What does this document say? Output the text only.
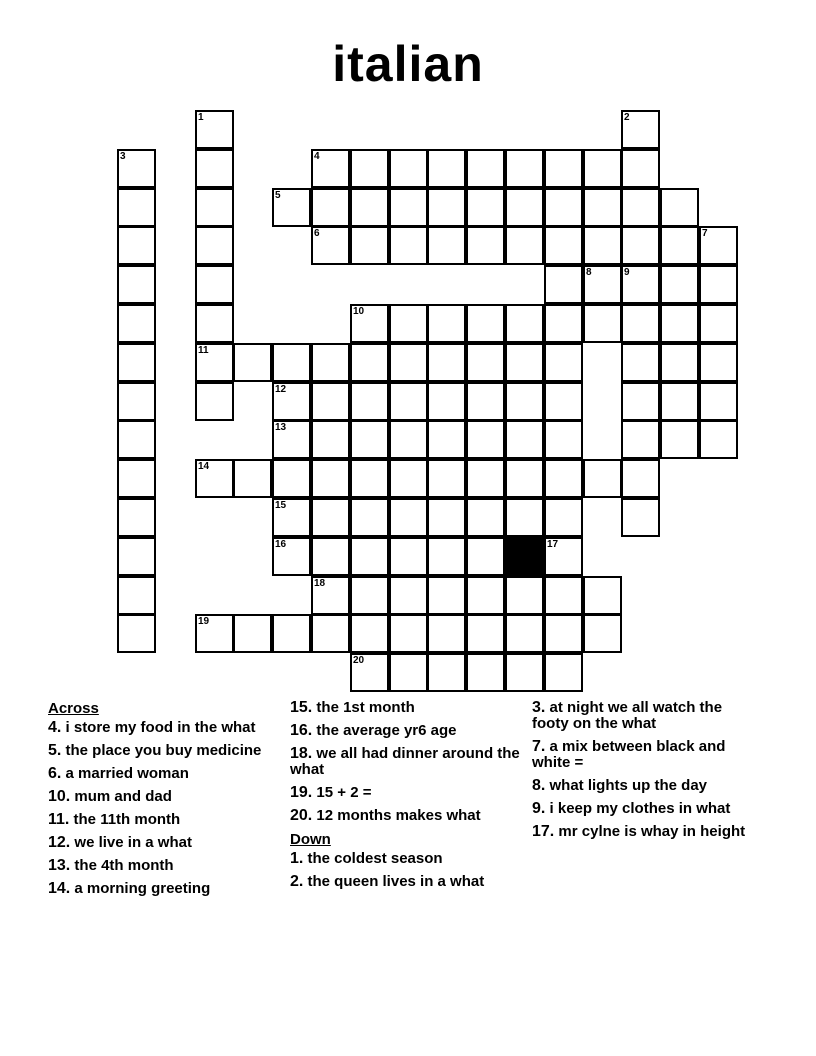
italian
1	2
3	4
5
6	7
8	9
10
11
12
13
14
15
16	17
18
19
20
Across
4. i store my food in the what
5. the place you buy medicine
6. a married woman
10. mum and dad
11. the 11th month
12. we live in a what
13. the 4th month
14. a morning greeting
15. the 1st month
16. the average yr6 age
18. we all had dinner around the what
19. 15 + 2 =
20. 12 months makes what
Down
1. the coldest season
2. the queen lives in a what
3. at night we all watch the footy on the what
7. a mix between black and white =
8. what lights up the day
9. i keep my clothes in what
17. mr cylne is whay in height
